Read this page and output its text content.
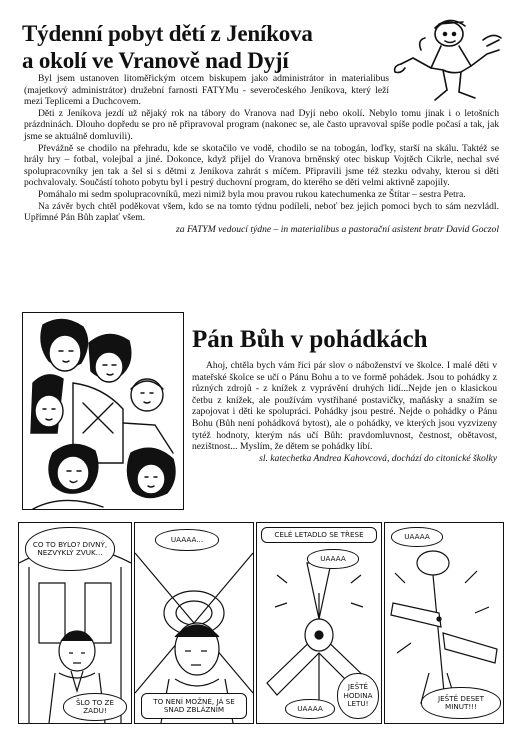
Týdenní pobyt dětí z Jeníkova
a okolí ve Vranově nad Dyjí

Byl jsem ustanoven litoměřickým otcem biskupem jako administrátor in materialibus (majetkový administrátor) družební farnosti FATYMu - severočeského Jeníkova, který leží mezi Teplicemi a Duchcovem.

Děti z Jeníkova jezdí už nějaký rok na tábory do Vranova nad Dyjí nebo okolí. Nebylo tomu jinak i o letošních prázdninách. Dlouho dopředu se pro ně připravoval program (nakonec se, ale často upravoval spíše podle počasí a tak, jak jsme se aktuálně domluvili).

Převážně se chodilo na přehradu, kde se skotačilo ve vodě, chodilo se na tobogán, loďky, starší na skálu. Taktéž se hrály hry – fotbal, volejbal a jiné. Dokonce, když přijel do Vranova brněnský otec biskup Vojtěch Cikrle, nechal své spolupracovníky jen tak a šel si s dětmi z Jeníkova zahrát s míčem. Připravili jsme též stezku odvahy, kterou si děti pochvalovaly. Součástí tohoto pobytu byl i pestrý duchovní program, do kterého se děti velmi aktivně zapojily.

Pomáhalo mi sedm spolupracovníků, mezi nimiž byla mou pravou rukou katechumenka ze Štítar – sestra Petra.

Na závěr bych chtěl poděkovat všem, kdo se na tomto týdnu podíleli, neboť bez jejich pomoci bych to sám nezvládl. Upřímné Pán Bůh zaplať všem.

za FATYM vedoucí týdne – in materialibus a pastorační asistent bratr David Goczol
Pán Bůh v pohádkách

Ahoj, chtěla bych vám říci pár slov o náboženství ve školce. I malé děti v mateřské školce se učí o Pánu Bohu a to ve formě pohádek. Jsou to pohádky z různých zdrojů - z knížek z vyprávění druhých lidí...Nejde jen o klasickou četbu z knížek, ale používám vystřihané postavičky, maňásky a snažím se zapojovat i děti ke spolupráci. Pohádky jsou pestré. Nejde o pohádky o Pánu Bohu (Bůh není pohádková bytost), ale o pohádky, ve kterých jsou vyzvizeny tytéž hodnoty, kterým nás učí Bůh: pravdomluvnost, čestnost, obětavost, nezištnost... Myslím, že dětem se pohádky líbí.

sl. katechetka Andrea Kahovcová, dochází do citonické školky
CO TO BYLO? DIVNÝ, NEZVYKLÝ ZVUK...
ŠLO TO ZE ZADU!
UAAAA...
TO NENÍ MOŽNÉ, JÁ SE SNAD ZBLÁZNÍM
CELÉ LETADLO SE TŘESE
UAAAA
UAAAA
JEŠTĚ HODINA LETU!
UAAAA
JEŠTĚ DESET MINUT!!!
